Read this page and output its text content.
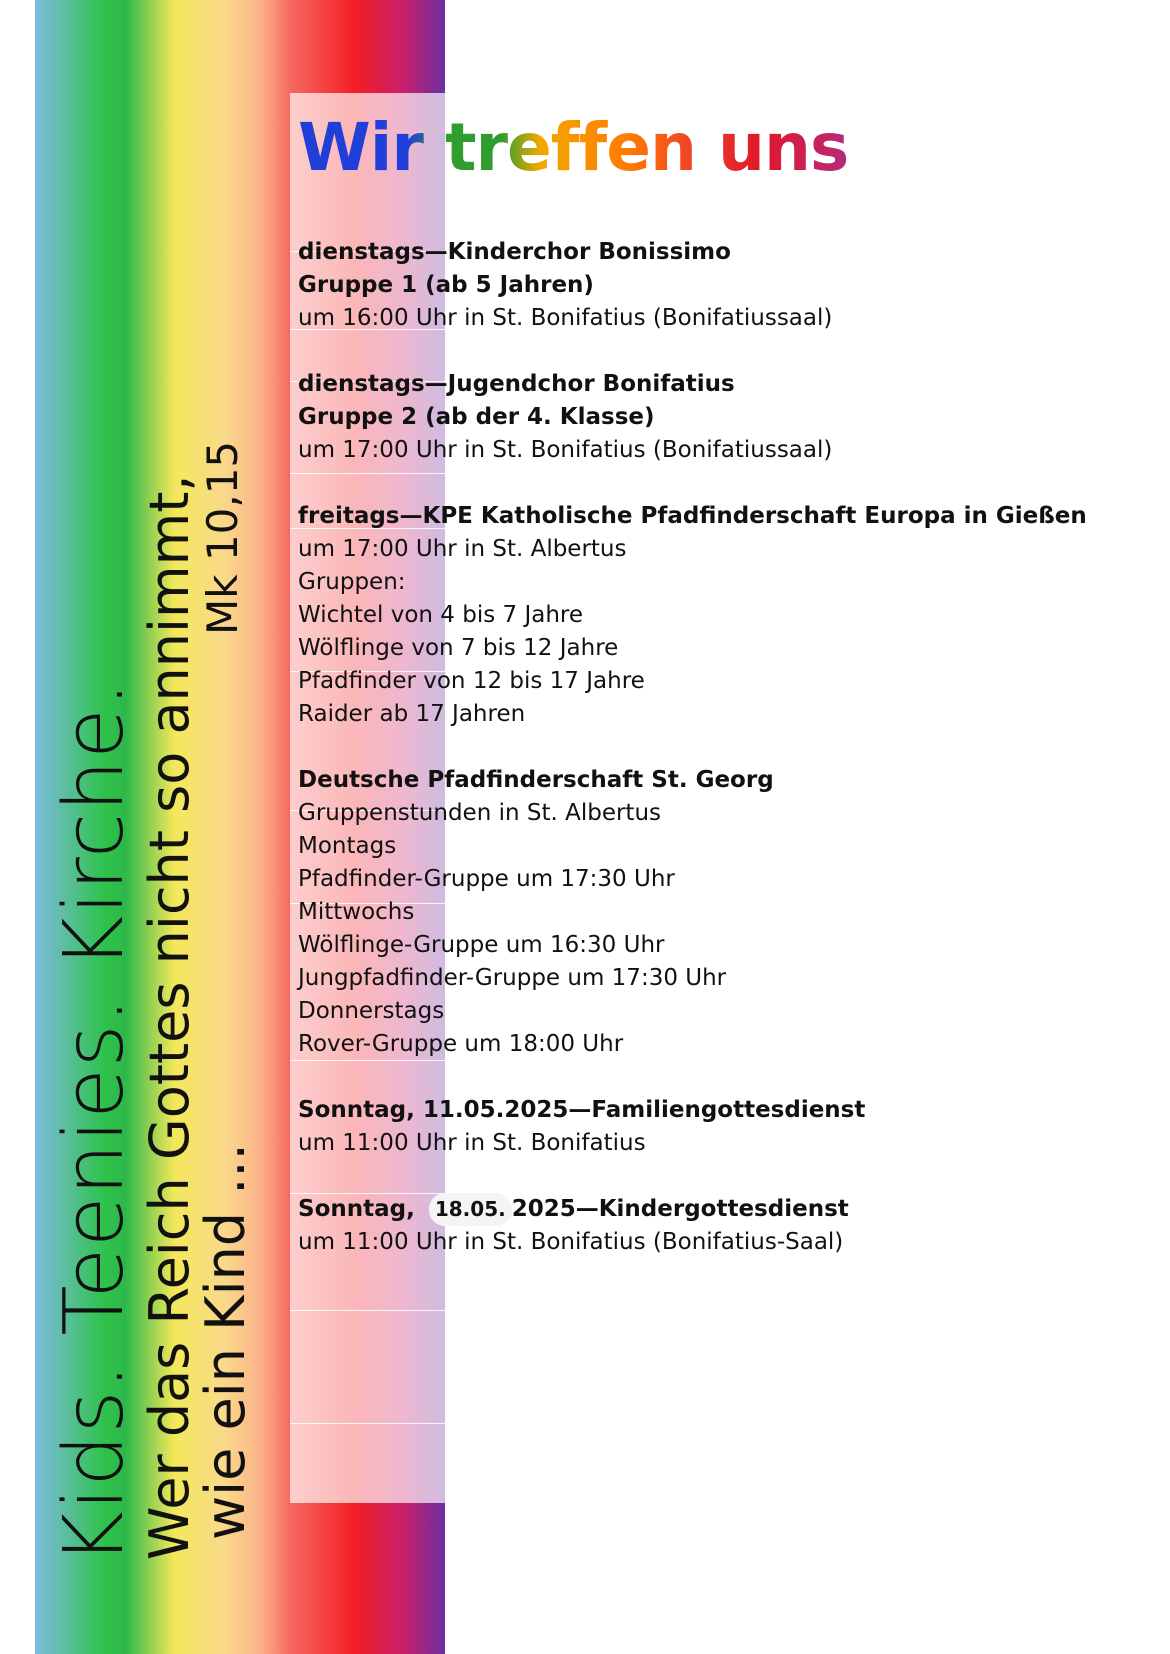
Wir treffen uns

dienstags—Kinderchor Bonissimo

Gruppe 1 (ab 5 Jahren)

um 16:00 Uhr in St. Bonifatius (Bonifatiussaal)

dienstags—Jugendchor Bonifatius

Gruppe 2 (ab der 4. Klasse)

um 17:00 Uhr in St. Bonifatius (Bonifatiussaal)

freitags—KPE Katholische Pfadfinderschaft Europa in Gießen

um 17:00 Uhr in St. Albertus

Gruppen:

Wichtel von 4 bis 7 Jahre

Wölflinge von 7 bis 12 Jahre

Pfadfinder von 12 bis 17 Jahre

Raider ab 17 Jahren

Deutsche Pfadfinderschaft St. Georg

Gruppenstunden in St. Albertus

Montags

Pfadfinder-Gruppe um 17:30 Uhr

Mittwochs

Wölflinge-Gruppe um 16:30 Uhr

Jungpfadfinder-Gruppe um 17:30 Uhr

Donnerstags

Rover-Gruppe um 18:00 Uhr

Sonntag, 11.05.2025—Familiengottesdienst

um 11:00 Uhr in St. Bonifatius

Sonntag, 18.05. 2025—Kindergottesdienst

um 11:00 Uhr in St. Bonifatius (Bonifatius-Saal)

Kids. Teenies. Kirche.
Wer das Reich Gottes nicht so annimmt,
wie ein Kind ...
Mk 10,15
